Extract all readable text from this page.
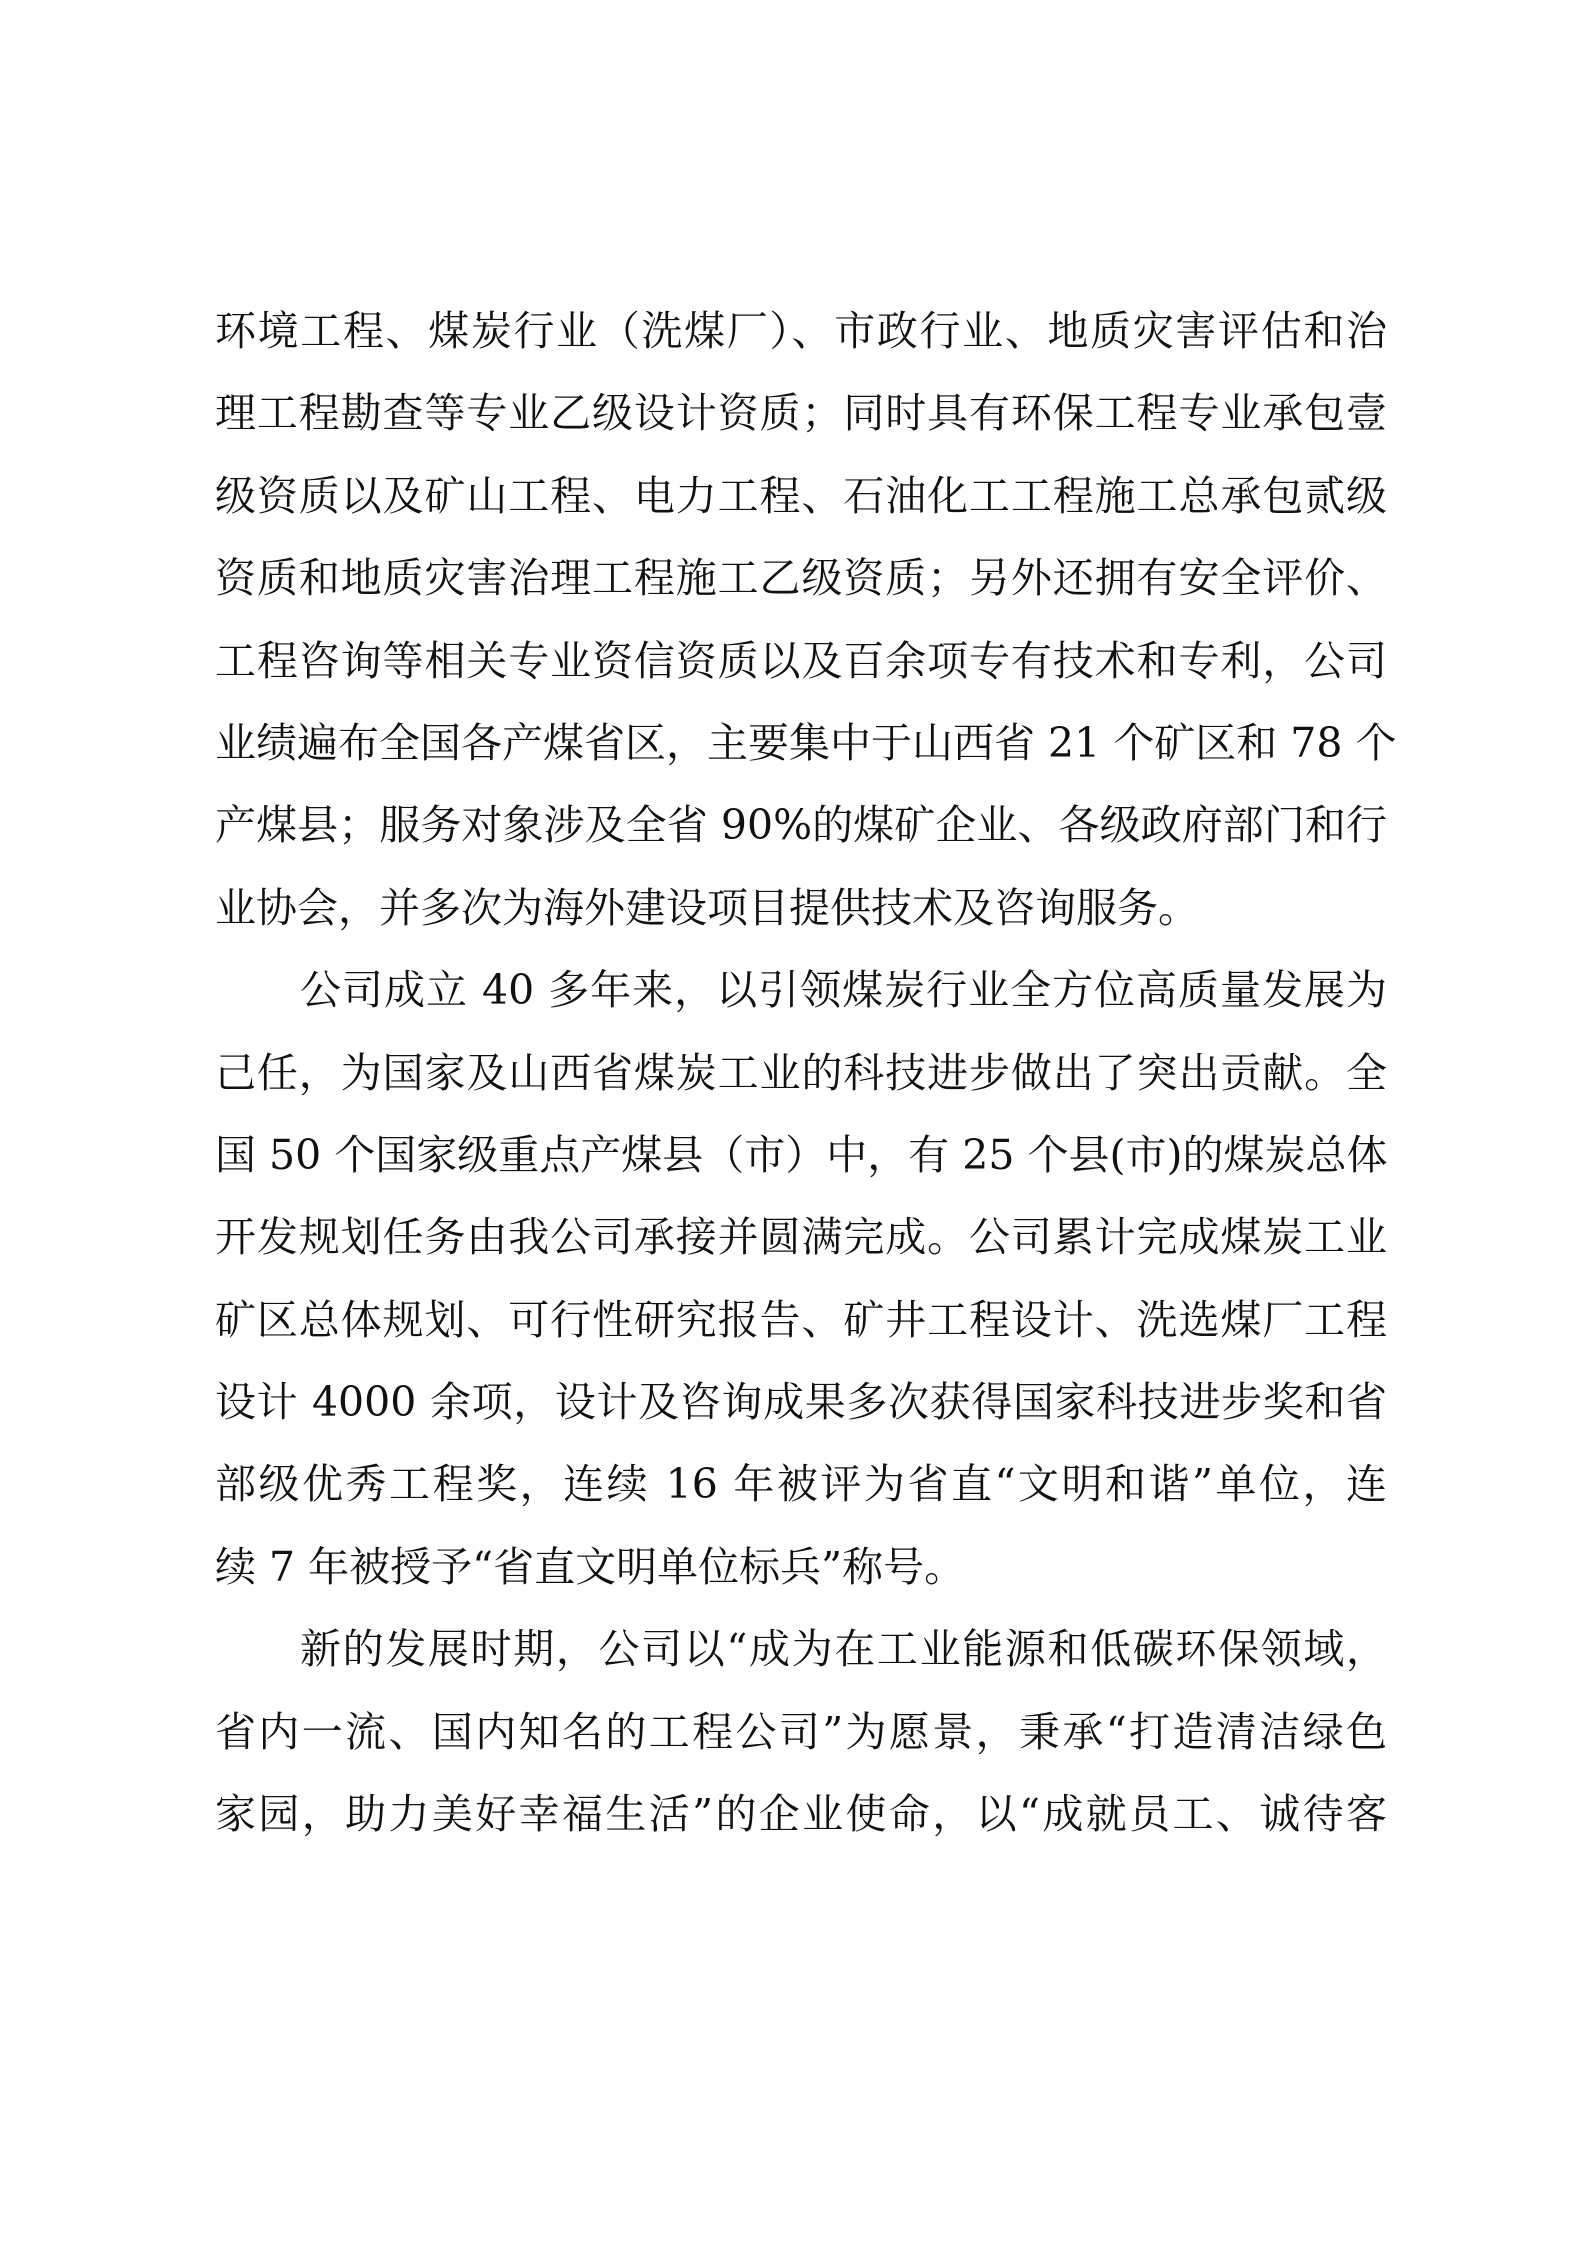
环境工程、煤炭行业（洗煤厂）、市政行业、地质灾害评估和治
理工程勘查等专业乙级设计资质；同时具有环保工程专业承包壹
级资质以及矿山工程、电力工程、石油化工工程施工总承包贰级
资质和地质灾害治理工程施工乙级资质；另外还拥有安全评价、
工程咨询等相关专业资信资质以及百余项专有技术和专利，公司
业绩遍布全国各产煤省区，主要集中于山西省 21 个矿区和 78 个
产煤县；服务对象涉及全省 90%的煤矿企业、各级政府部门和行
业协会，并多次为海外建设项目提供技术及咨询服务。
公司成立 40 多年来，以引领煤炭行业全方位高质量发展为
己任，为国家及山西省煤炭工业的科技进步做出了突出贡献。全
国 50 个国家级重点产煤县（市）中，有 25 个县(市)的煤炭总体
开发规划任务由我公司承接并圆满完成。公司累计完成煤炭工业
矿区总体规划、可行性研究报告、矿井工程设计、洗选煤厂工程
设计 4000 余项，设计及咨询成果多次获得国家科技进步奖和省
部级优秀工程奖，连续 16 年被评为省直“文明和谐”单位，连
续 7 年被授予“省直文明单位标兵”称号。
新的发展时期，公司以“成为在工业能源和低碳环保领域，
省内一流、国内知名的工程公司”为愿景，秉承“打造清洁绿色
家园，助力美好幸福生活”的企业使命，以“成就员工、诚待客
